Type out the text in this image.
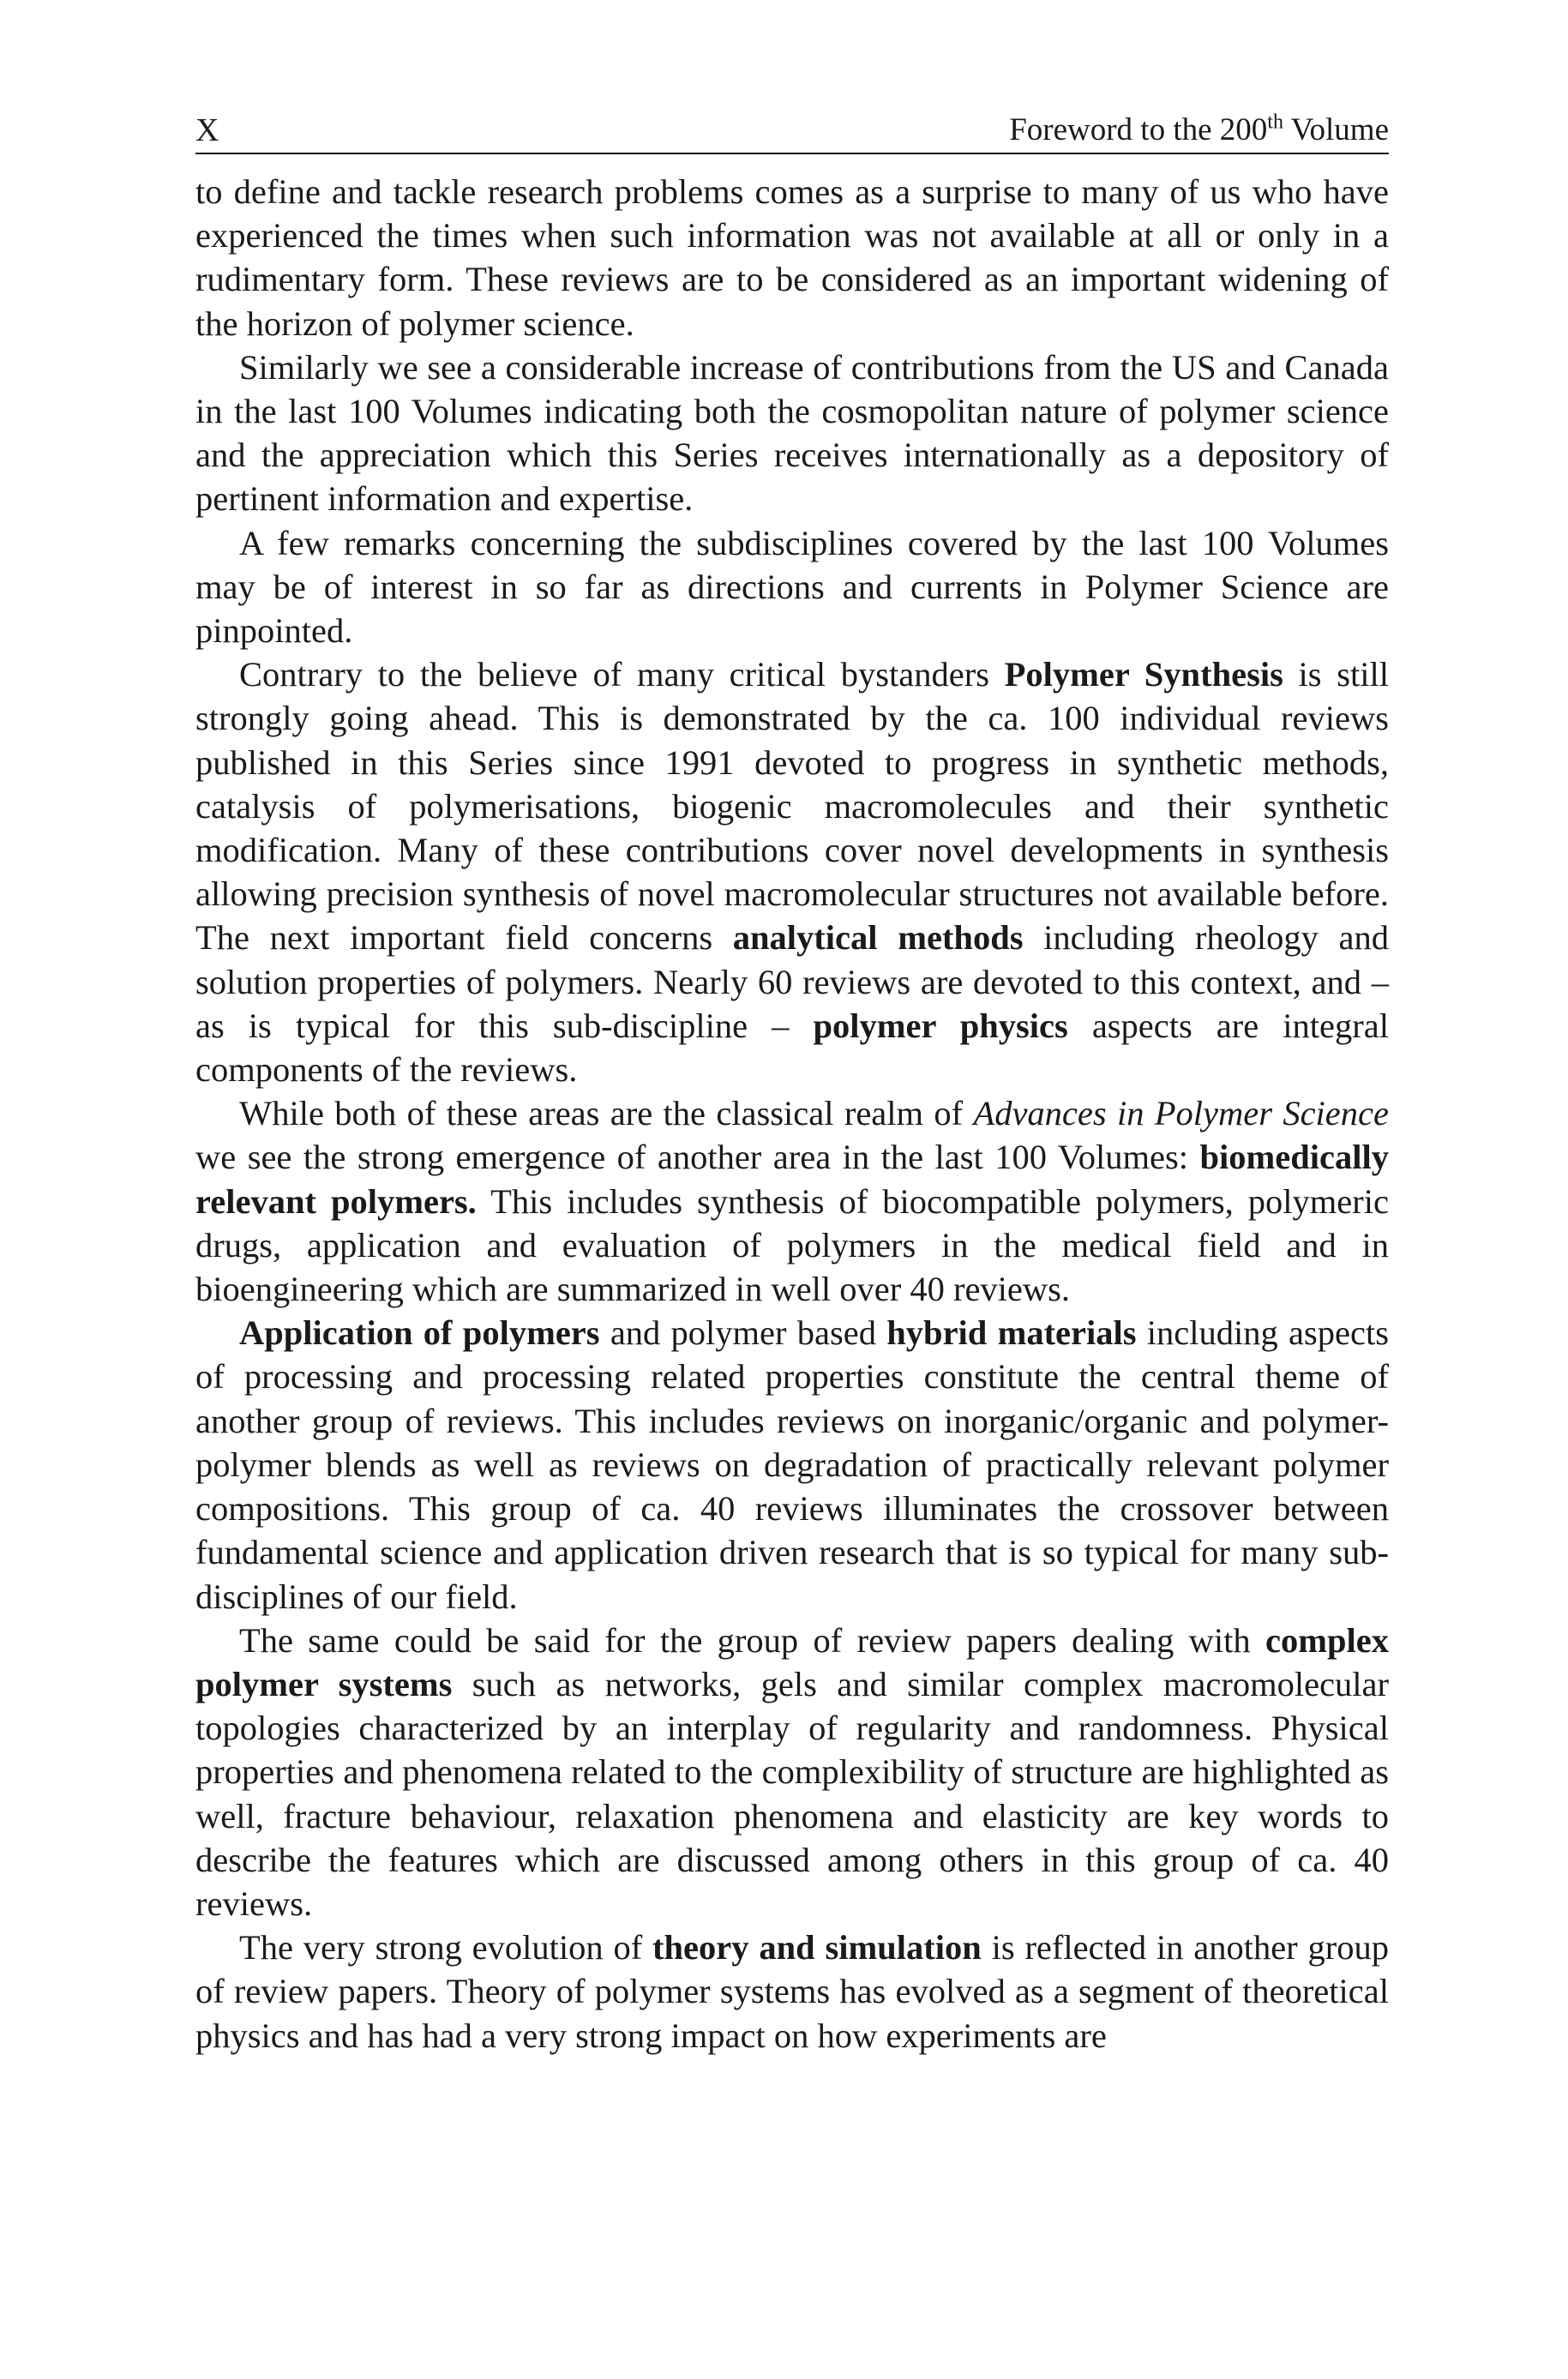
X	Foreword to the 200th Volume

to define and tackle research problems comes as a surprise to many of us who have experienced the times when such information was not available at all or only in a rudimentary form. These reviews are to be considered as an important widening of the horizon of polymer science.

Similarly we see a considerable increase of contributions from the US and Canada in the last 100 Volumes indicating both the cosmopolitan nature of polymer science and the appreciation which this Series receives internationally as a depository of pertinent information and expertise.

A few remarks concerning the subdisciplines covered by the last 100 Volumes may be of interest in so far as directions and currents in Polymer Science are pinpointed.

Contrary to the believe of many critical bystanders Polymer Synthesis is still strongly going ahead. This is demonstrated by the ca. 100 individual reviews published in this Series since 1991 devoted to progress in synthetic methods, catalysis of polymerisations, biogenic macromolecules and their synthetic modification. Many of these contributions cover novel developments in synthesis allowing precision synthesis of novel macromolecular structures not available before. The next important field concerns analytical methods including rheology and solution properties of polymers. Nearly 60 reviews are devoted to this context, and – as is typical for this sub-discipline – polymer physics aspects are integral components of the reviews.

While both of these areas are the classical realm of Advances in Polymer Science we see the strong emergence of another area in the last 100 Volumes: biomedically relevant polymers. This includes synthesis of biocompatible polymers, polymeric drugs, application and evaluation of polymers in the medical field and in bioengineering which are summarized in well over 40 reviews.

Application of polymers and polymer based hybrid materials including aspects of processing and processing related properties constitute the central theme of another group of reviews. This includes reviews on inorganic/organic and polymer-polymer blends as well as reviews on degradation of practically relevant polymer compositions. This group of ca. 40 reviews illuminates the crossover between fundamental science and application driven research that is so typical for many sub-disciplines of our field.

The same could be said for the group of review papers dealing with complex polymer systems such as networks, gels and similar complex macromolecular topologies characterized by an interplay of regularity and randomness. Physical properties and phenomena related to the complexibility of structure are highlighted as well, fracture behaviour, relaxation phenomena and elasticity are key words to describe the features which are discussed among others in this group of ca. 40 reviews.

The very strong evolution of theory and simulation is reflected in another group of review papers. Theory of polymer systems has evolved as a segment of theoretical physics and has had a very strong impact on how experiments are
